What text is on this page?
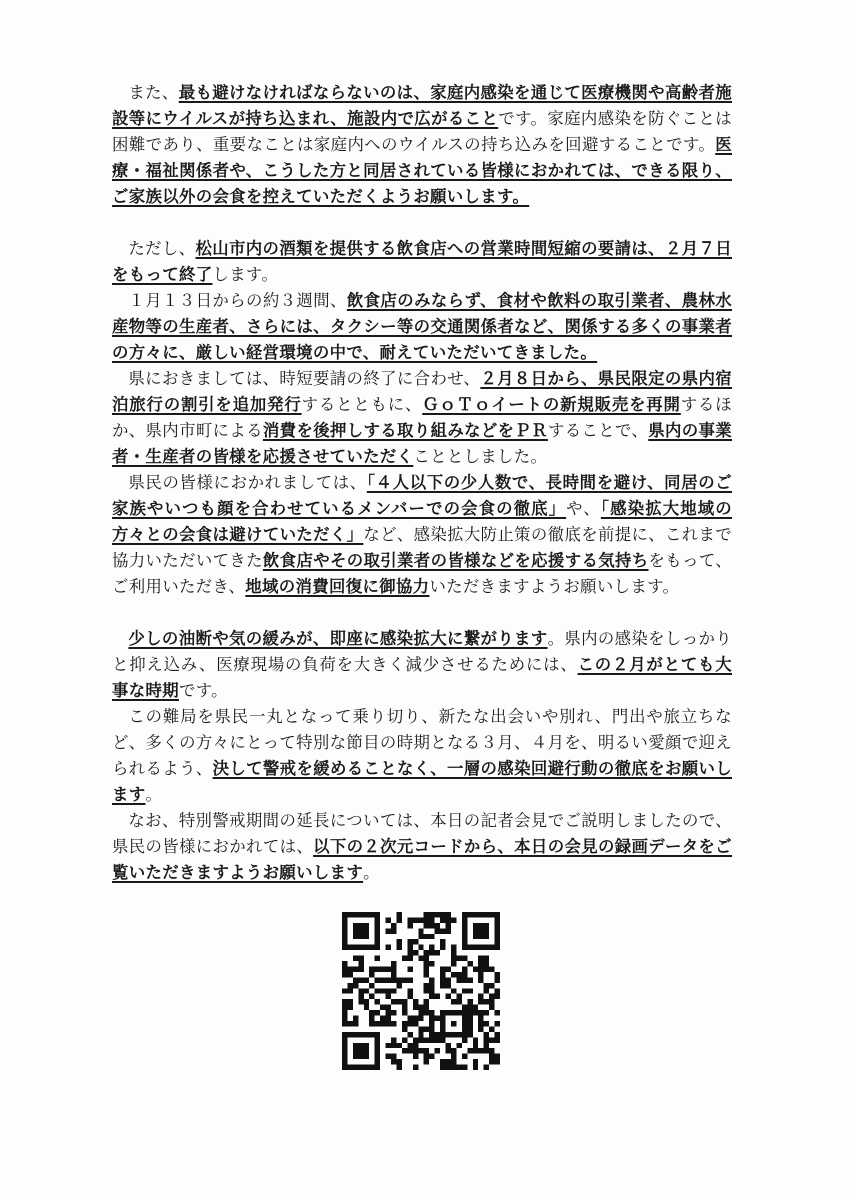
また、最も避けなければならないのは、家庭内感染を通じて医療機関や高齢者施設等にウイルスが持ち込まれ、施設内で広がることです。家庭内感染を防ぐことは困難であり、重要なことは家庭内へのウイルスの持ち込みを回避することです。医療・福祉関係者や、こうした方と同居されている皆様におかれては、できる限り、ご家族以外の会食を控えていただくようお願いします。

ただし、松山市内の酒類を提供する飲食店への営業時間短縮の要請は、２月７日をもって終了します。

１月１３日からの約３週間、飲食店のみならず、食材や飲料の取引業者、農林水産物等の生産者、さらには、タクシー等の交通関係者など、関係する多くの事業者の方々に、厳しい経営環境の中で、耐えていただいてきました。

県におきましては、時短要請の終了に合わせ、２月８日から、県民限定の県内宿泊旅行の割引を追加発行するとともに、ＧｏＴｏイートの新規販売を再開するほか、県内市町による消費を後押しする取り組みなどをＰＲすることで、県内の事業者・生産者の皆様を応援させていただくこととしました。

県民の皆様におかれましては、「４人以下の少人数で、長時間を避け、同居のご家族やいつも顔を合わせているメンバーでの会食の徹底」や、「感染拡大地域の方々との会食は避けていただく」など、感染拡大防止策の徹底を前提に、これまで協力いただいてきた飲食店やその取引業者の皆様などを応援する気持ちをもって、ご利用いただき、地域の消費回復に御協力いただきますようお願いします。

少しの油断や気の緩みが、即座に感染拡大に繋がります。県内の感染をしっかりと抑え込み、医療現場の負荷を大きく減少させるためには、この２月がとても大事な時期です。

この難局を県民一丸となって乗り切り、新たな出会いや別れ、門出や旅立ちなど、多くの方々にとって特別な節目の時期となる３月、４月を、明るい愛顔で迎えられるよう、決して警戒を緩めることなく、一層の感染回避行動の徹底をお願いします。

なお、特別警戒期間の延長については、本日の記者会見でご説明しましたので、県民の皆様におかれては、以下の２次元コードから、本日の会見の録画データをご覧いただきますようお願いします。
